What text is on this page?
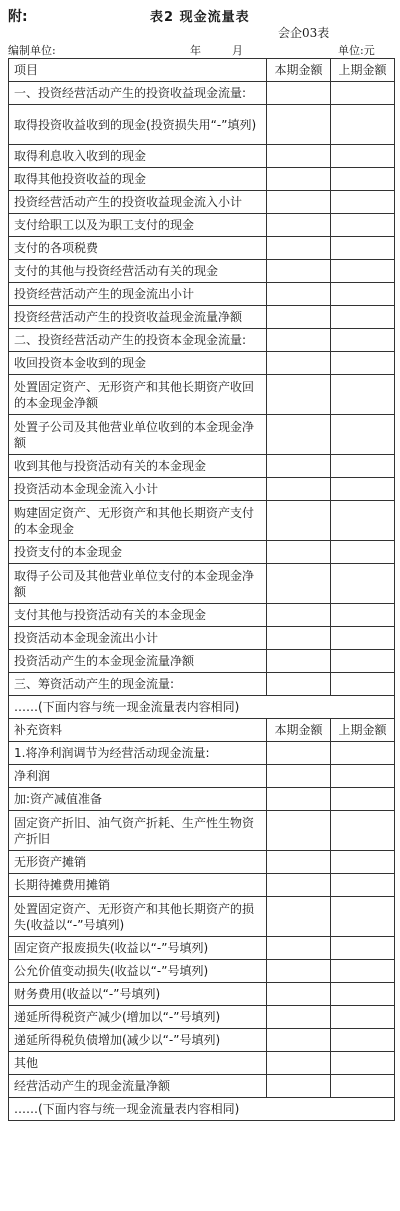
附:	表2 现金流量表
会企03表
编制单位:	年	月	单位:元
项目	本期金额	上期金额
一、投资经营活动产生的投资收益现金流量:		
取得投资收益收到的现金(投资损失用“-”填列)		
取得利息收入收到的现金		
取得其他投资收益的现金		
投资经营活动产生的投资收益现金流入小计		
支付给职工以及为职工支付的现金		
支付的各项税费		
支付的其他与投资经营活动有关的现金		
投资经营活动产生的现金流出小计		
投资经营活动产生的投资收益现金流量净额		
二、投资经营活动产生的投资本金现金流量:		
收回投资本金收到的现金		
处置固定资产、无形资产和其他长期资产收回的本金现金净额		
处置子公司及其他营业单位收到的本金现金净额		
收到其他与投资活动有关的本金现金		
投资活动本金现金流入小计		
购建固定资产、无形资产和其他长期资产支付的本金现金		
投资支付的本金现金		
取得子公司及其他营业单位支付的本金现金净额		
支付其他与投资活动有关的本金现金		
投资活动本金现金流出小计		
投资活动产生的本金现金流量净额		
三、筹资活动产生的现金流量:		
……(下面内容与统一现金流量表内容相同)		
补充资料	本期金额	上期金额
1.将净利润调节为经营活动现金流量:		
净利润		
加:资产减值准备		
固定资产折旧、油气资产折耗、生产性生物资产折旧		
无形资产摊销		
长期待摊费用摊销		
处置固定资产、无形资产和其他长期资产的损失(收益以“-”号填列)		
固定资产报废损失(收益以“-”号填列)		
公允价值变动损失(收益以“-”号填列)		
财务费用(收益以“-”号填列)		
递延所得税资产减少(增加以“-”号填列)		
递延所得税负债增加(减少以“-”号填列)		
其他		
经营活动产生的现金流量净额		
……(下面内容与统一现金流量表内容相同)		
